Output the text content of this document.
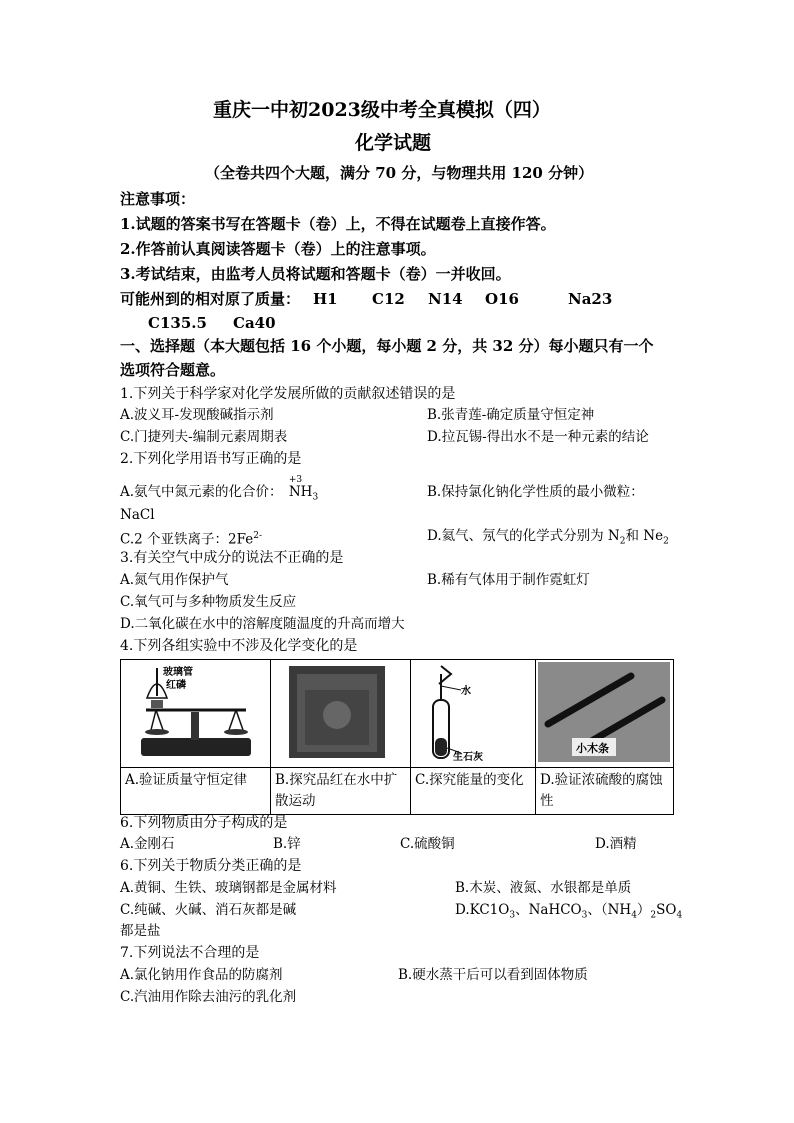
重庆一中初2023级中考全真模拟（四）
化学试题
（全卷共四个大题，满分 70 分，与物理共用 120 分钟）
注意事项：
1.试题的答案书写在答题卡（卷）上，不得在试题卷上直接作答。
2.作答前认真阅读答题卡（卷）上的注意事项。
3.考试结束，由监考人员将试题和答题卡（卷）一并收回。
可能州到的相对原了质量： H1 C12 N14 O16	Na23
C135.5 Ca40
一、选择题（本大题包括 16 个小题，每小题 2 分，共 32 分）每小题只有一个
选项符合题意。
1.下列关于科学家对化学发展所做的贡献叙述错误的是
A.波义耳-发现酸碱指示剂	B.张青莲-确定质量守恒定神
C.门捷列夫-编制元素周期表	D.拉瓦锡-得出水不是一种元素的结论
2.下列化学用语书写正确的是
A.氨气中氮元素的化合价：
+3
$NH_3$	B.保持氯化钠化学性质的最小微粒：
NaCl
C.2 个亚铁离子：$2Fe^{2-}$	D.氦气、氖气的化学式分别为 $N_2$和 $Ne_2$
3.有关空气中成分的说法不正确的是
A.氮气用作保护气	B.稀有气体用于制作霓虹灯
C.氧气可与多种物质发生反应
D.二氧化碳在水中的溶解度随温度的升高而增大
4.下列各组实验中不涉及化学变化的是
玻璃管
红磷		水
生石灰	小木条

A.验证质量守恒定律	B.探究品红在水中扩散运动	C.探究能量的变化	D.验证浓硫酸的腐蚀性
6.下列物质由分子构成的是
A.金刚石	B.锌	C.硫酸铜	D.酒精
6.下列关于物质分类正确的是
A.黄铜、生铁、玻璃钢都是金属材料	B.木炭、液氮、水银都是单质
C.纯碱、火碱、消石灰都是碱	$D.KC1O_3$、NaHCO$_3$、$(NH_4)_2SO_4$
都是盐
7.下列说法不合理的是
A.氯化钠用作食品的防腐剂	B.硬水蒸干后可以看到固体物质
C.汽油用作除去油污的乳化剂
